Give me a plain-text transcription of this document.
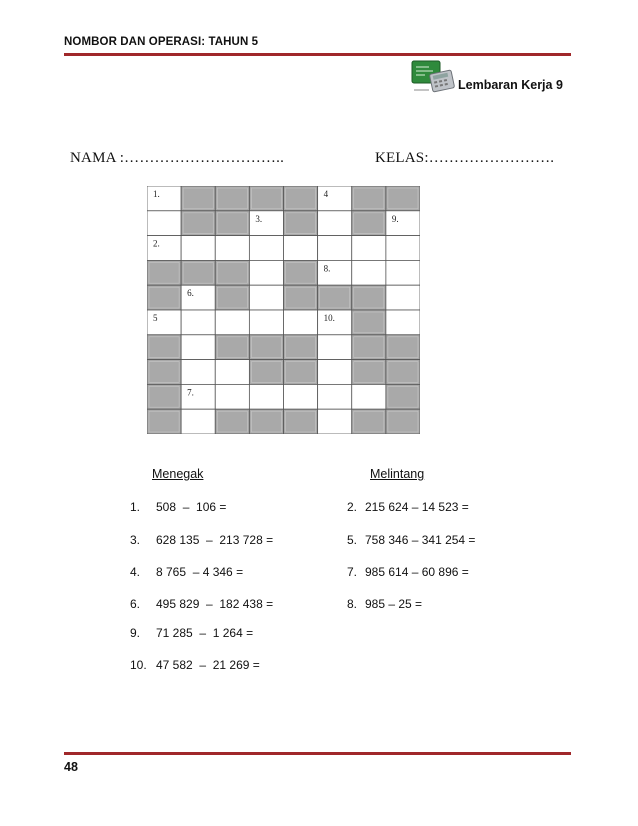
NOMBOR DAN OPERASI: TAHUN 5
Lembaran Kerja 9
NAMA :…………………………..	KELAS:…………………….
1.	4
3.	9.
2.
8.
6.
5	10.
7.
Menegak	Melintang
1. 508  –  106 =
3. 628 135  –  213 728 =
4. 8 765  – 4 346 =
6. 495 829  –  182 438 =
9. 71 285  –  1 264 =
10. 47 582  –  21 269 =
2. 215 624 – 14 523 =
5. 758 346 – 341 254 =
7. 985 614 – 60 896 =
8. 985 – 25 =
48
